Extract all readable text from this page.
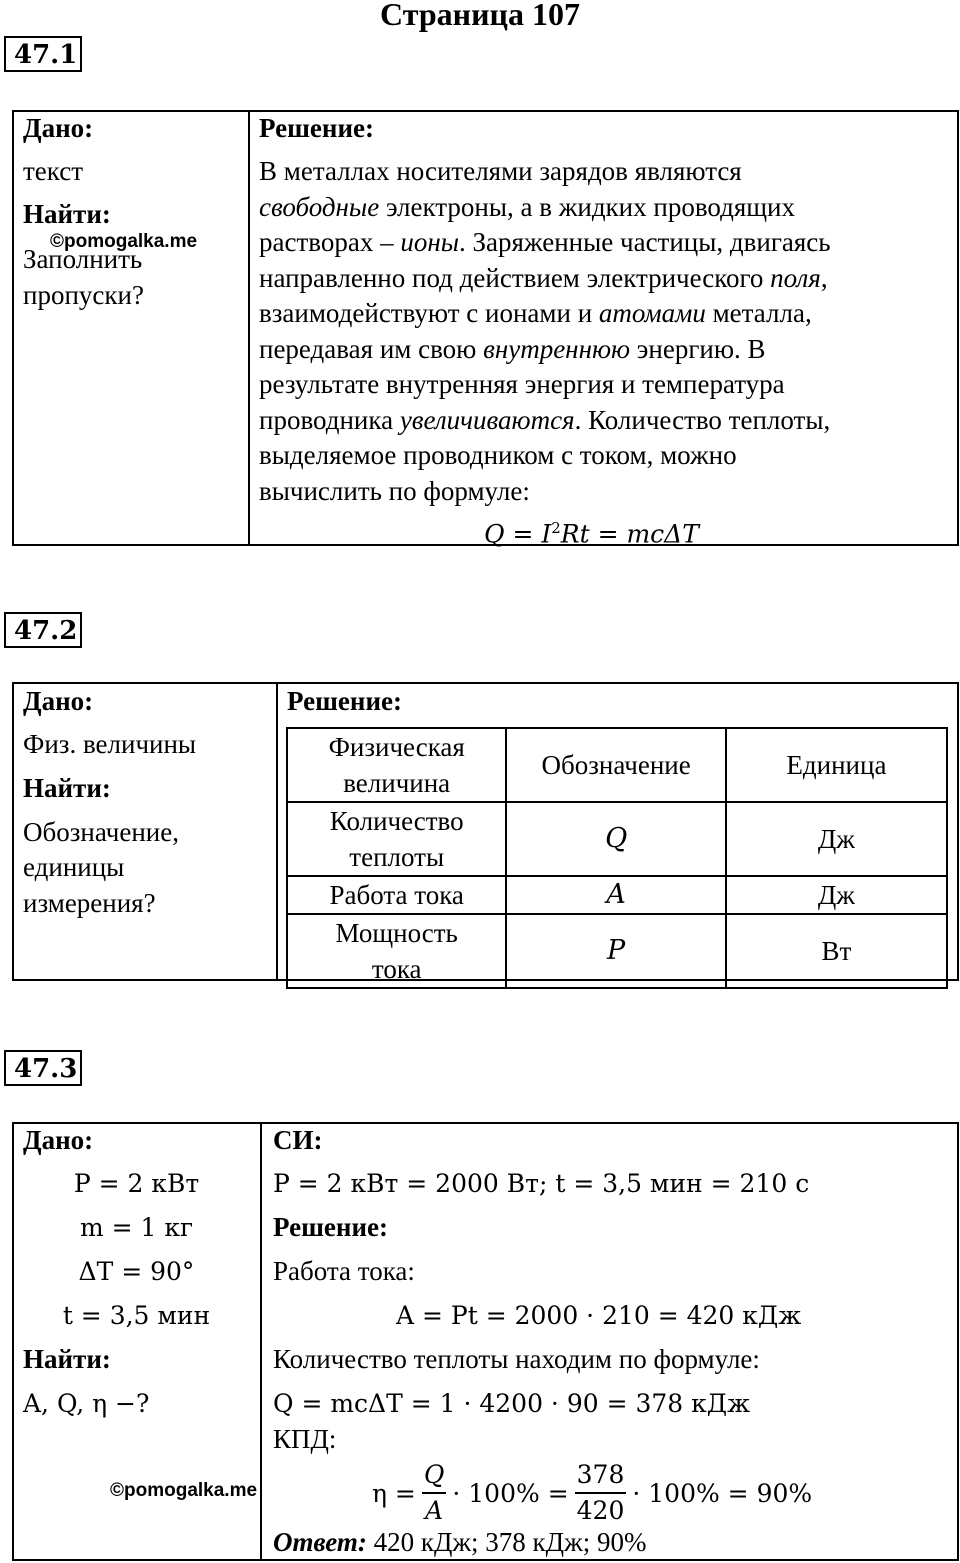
Страница 107
47.1
Дано:
текст
Найти:
Заполнить
пропуски?
©pomogalka.me
Решение:
В металлах носителями зарядов являются
свободные электроны, а в жидких проводящих
растворах – ионы. Заряженные частицы, двигаясь
направленно под действием электрического поля,
взаимодействуют с ионами и атомами металла,
передавая им свою внутреннюю энергию. В
результате внутренняя энергия и температура
проводника увеличиваются. Количество теплоты,
выделяемое проводником с током, можно
вычислить по формуле:
$Q = I^2Rt = mc\Delta T$
47.2
Дано:
Физ. величины
Найти:
Обозначение,
единицы
измерения?
Решение:
Физическая
величина	Обозначение	Единица

Количество
теплоты	Q	Дж
Работа тока	A	Дж

Мощность
тока	P	Вт
47.3
Дано:
P = 2 кВт
m = 1 кг
ΔT = 90°
t = 3,5 мин
Найти:
A, Q, η −?
©pomogalka.me
СИ:
P = 2 кВт = 2000 Вт; t = 3,5 мин = 210 с
Решение:
Работа тока:
A = Pt = 2000 · 210 = 420 кДж
Количество теплоты находим по формуле:
Q = mcΔT = 1 · 4200 · 90 = 378 кДж
КПД:
$\eta = \frac{Q}{A} \cdot 100\% = \frac{378}{420} \cdot 100\% = 90\%$
Ответ: 420 кДж; 378 кДж; 90%
